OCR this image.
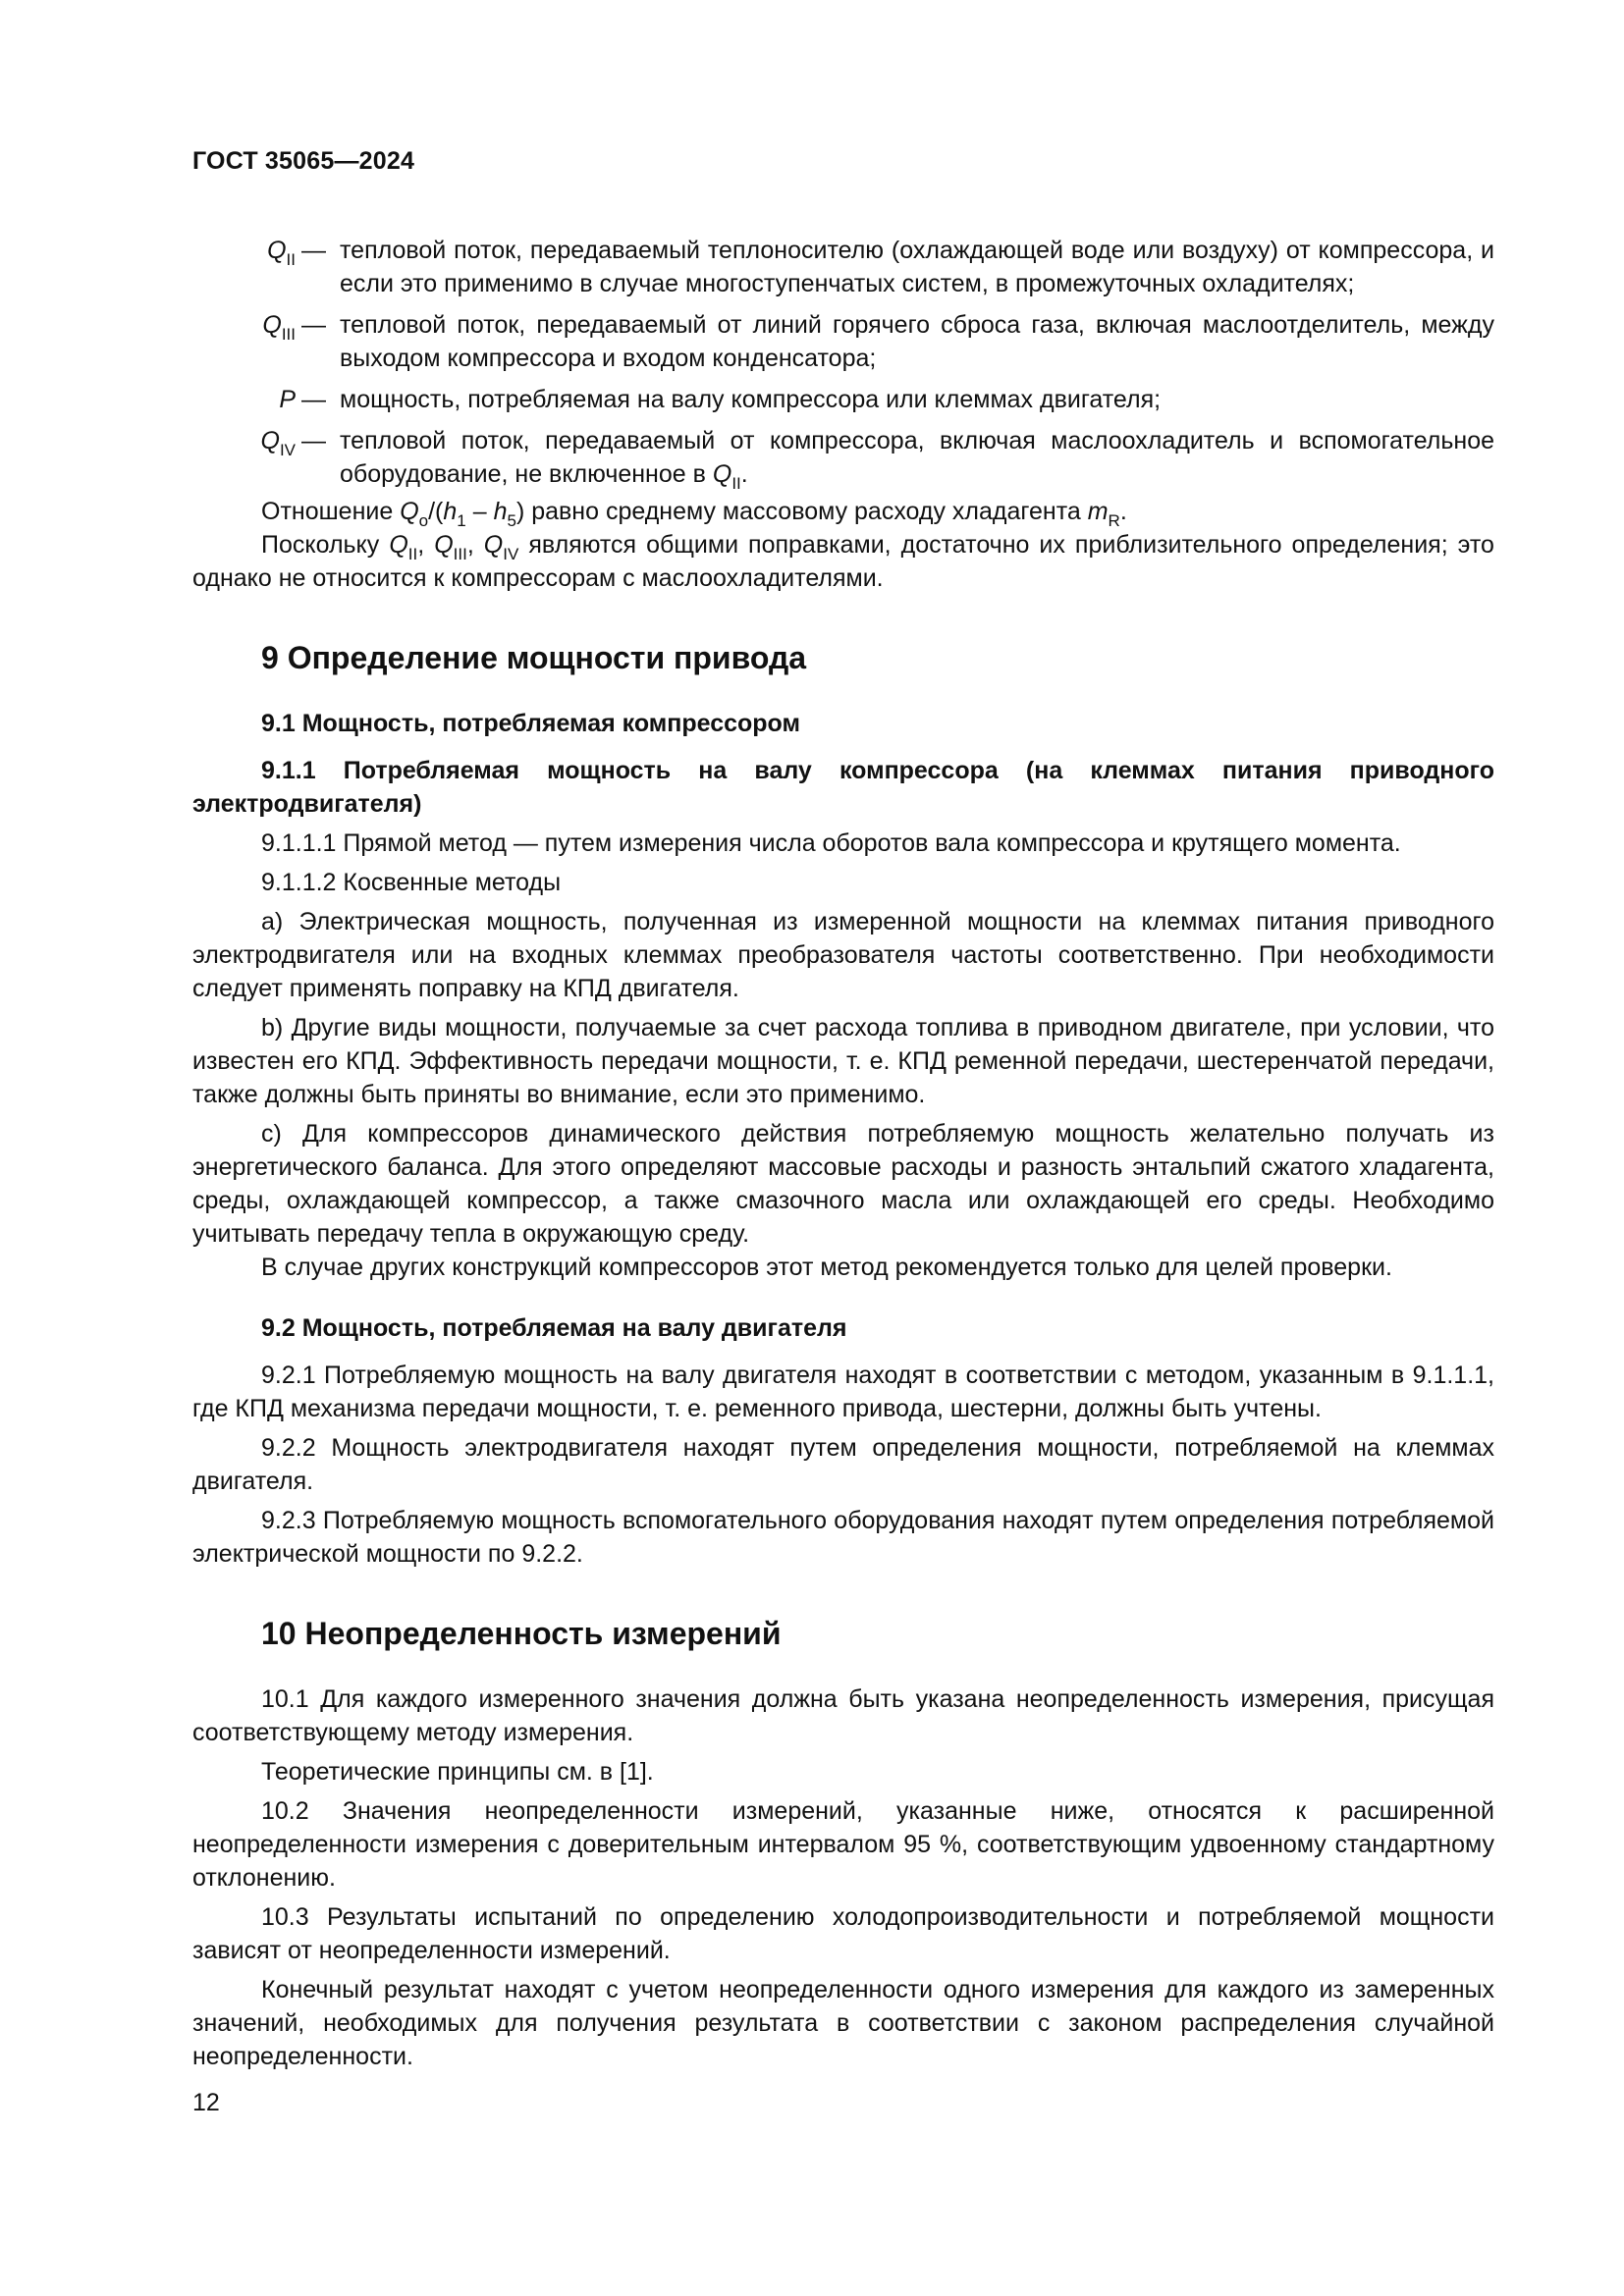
ГОСТ 35065—2024
$Q_{II}$ — тепловой поток, передаваемый теплоносителю (охлаждающей воде или воздуху) от компрессора, и если это применимо в случае многоступенчатых систем, в промежуточных охладителях;
$Q_{III}$ — тепловой поток, передаваемый от линий горячего сброса газа, включая маслоотделитель, между выходом компрессора и входом конденсатора;
P — мощность, потребляемая на валу компрессора или клеммах двигателя;
$Q_{IV}$ — тепловой поток, передаваемый от компрессора, включая маслоохладитель и вспомогательное оборудование, не включенное в $Q_{II}$.

Отношение $Q_o/(h_1 - h_5)$ равно среднему массовому расходу хладагента $m_R$.

Поскольку $Q_{II}$, $Q_{III}$, $Q_{IV}$ являются общими поправками, достаточно их приблизительного определения; это однако не относится к компрессорам с маслоохладителями.

9 Определение мощности привода
9.1 Мощность, потребляемая компрессором

9.1.1 Потребляемая мощность на валу компрессора (на клеммах питания приводного электродвигателя)

9.1.1.1 Прямой метод — путем измерения числа оборотов вала компрессора и крутящего момента.

9.1.1.2 Косвенные методы

a) Электрическая мощность, полученная из измеренной мощности на клеммах питания приводного электродвигателя или на входных клеммах преобразователя частоты соответственно. При необходимости следует применять поправку на КПД двигателя.

b) Другие виды мощности, получаемые за счет расхода топлива в приводном двигателе, при условии, что известен его КПД. Эффективность передачи мощности, т. е. КПД ременной передачи, шестеренчатой передачи, также должны быть приняты во внимание, если это применимо.

c) Для компрессоров динамического действия потребляемую мощность желательно получать из энергетического баланса. Для этого определяют массовые расходы и разность энтальпий сжатого хладагента, среды, охлаждающей компрессор, а также смазочного масла или охлаждающей его среды. Необходимо учитывать передачу тепла в окружающую среду.

В случае других конструкций компрессоров этот метод рекомендуется только для целей проверки.

9.2 Мощность, потребляемая на валу двигателя

9.2.1 Потребляемую мощность на валу двигателя находят в соответствии с методом, указанным в 9.1.1.1, где КПД механизма передачи мощности, т. е. ременного привода, шестерни, должны быть учтены.

9.2.2 Мощность электродвигателя находят путем определения мощности, потребляемой на клеммах двигателя.

9.2.3 Потребляемую мощность вспомогательного оборудования находят путем определения потребляемой электрической мощности по 9.2.2.

10 Неопределенность измерений

10.1 Для каждого измеренного значения должна быть указана неопределенность измерения, присущая соответствующему методу измерения.

Теоретические принципы см. в [1].

10.2 Значения неопределенности измерений, указанные ниже, относятся к расширенной неопределенности измерения с доверительным интервалом 95 %, соответствующим удвоенному стандартному отклонению.

10.3 Результаты испытаний по определению холодопроизводительности и потребляемой мощности зависят от неопределенности измерений.

Конечный результат находят с учетом неопределенности одного измерения для каждого из замеренных значений, необходимых для получения результата в соответствии с законом распределения случайной неопределенности.

12
